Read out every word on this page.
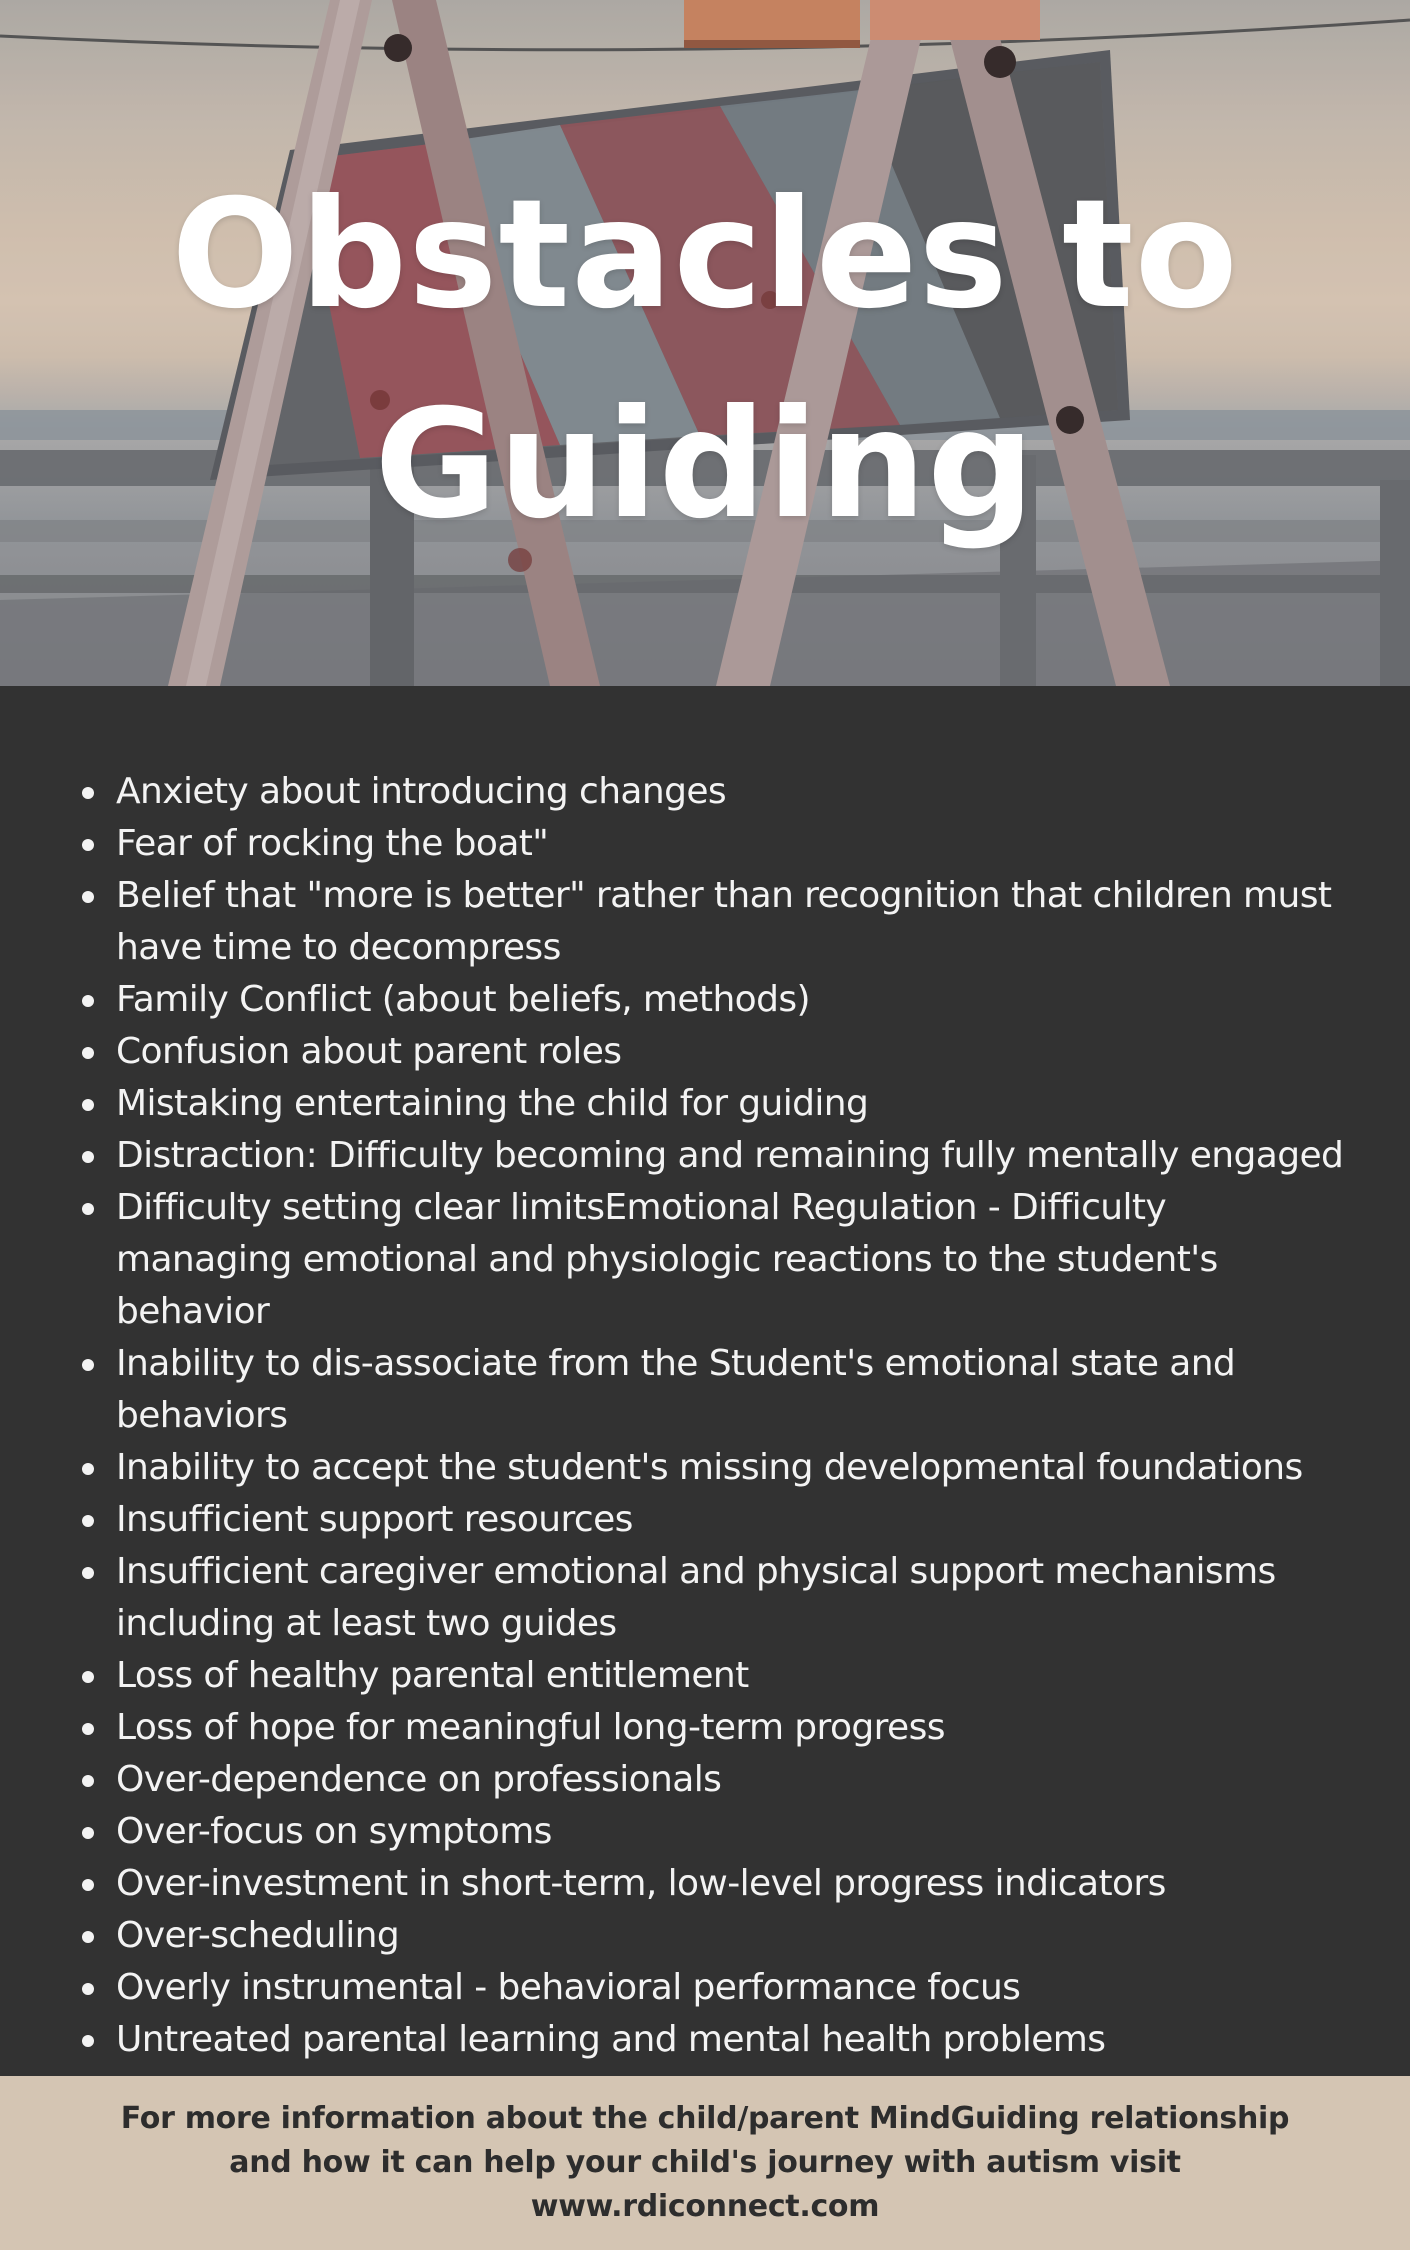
Obstacles to
Guiding
Anxiety about introducing changes
Fear of rocking the boat"
Belief that "more is better" rather than recognition that children must have time to decompress
Family Conflict (about beliefs, methods)
Confusion about parent roles
Mistaking entertaining the child for guiding
Distraction: Difficulty becoming and remaining fully mentally engaged
Difficulty setting clear limitsEmotional Regulation - Difficulty managing emotional and physiologic reactions to the student's behavior
Inability to dis-associate from the Student's emotional state and behaviors
Inability to accept the student's missing developmental foundations
Insufficient support resources
Insufficient caregiver emotional and physical support mechanisms including at least two guides
Loss of healthy parental entitlement
Loss of hope for meaningful long-term progress
Over-dependence on professionals
Over-focus on symptoms
Over-investment in short-term, low-level progress indicators
Over-scheduling
Overly instrumental - behavioral performance focus
Untreated parental learning and mental health problems

For more information about the child/parent MindGuiding relationship and how it can help your child's journey with autism visit www.rdiconnect.com
